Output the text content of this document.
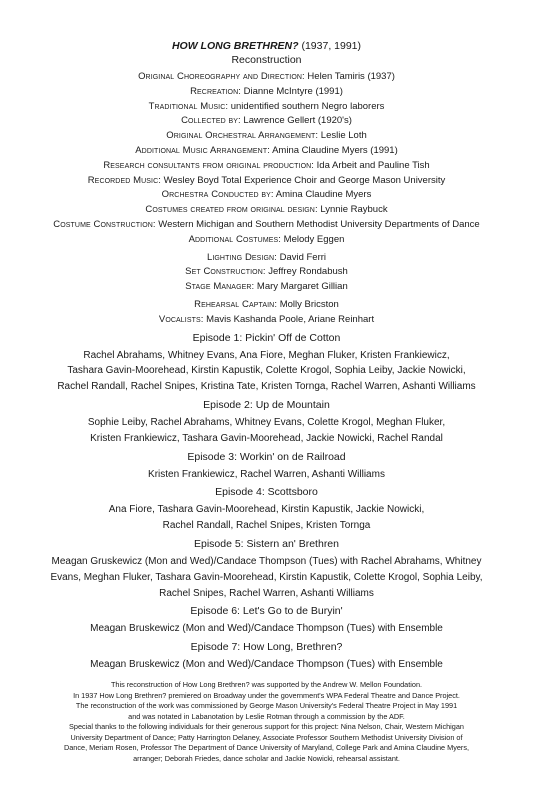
HOW LONG BRETHREN? (1937, 1991)

Reconstruction

Original Choreography and Direction: Helen Tamiris (1937)
Recreation: Dianne McIntyre (1991)
Traditional Music: unidentified southern Negro laborers
Collected by: Lawrence Gellert (1920's)
Original Orchestral Arrangement: Leslie Loth
Additional Music Arrangement: Amina Claudine Myers (1991)
Research consultants from original production: Ida Arbeit and Pauline Tish
Recorded Music: Wesley Boyd Total Experience Choir and George Mason University
Orchestra Conducted by: Amina Claudine Myers
Costumes created from original design: Lynnie Raybuck
Costume Construction: Western Michigan and Southern Methodist University Departments of Dance
Additional Costumes: Melody Eggen
Lighting Design: David Ferri
Set Construction: Jeffrey Rondabush
Stage Manager: Mary Margaret Gillian
Rehearsal Captain: Molly Bricston
Vocalists: Mavis Kashanda Poole, Ariane Reinhart

Episode 1: Pickin' Off de Cotton

Rachel Abrahams, Whitney Evans, Ana Fiore, Meghan Fluker, Kristen Frankiewicz,

Tashara Gavin-Moorehead, Kirstin Kapustik, Colette Krogol, Sophia Leiby, Jackie Nowicki,

Rachel Randall, Rachel Snipes, Kristina Tate, Kristen Tornga, Rachel Warren, Ashanti Williams

Episode 2: Up de Mountain

Sophie Leiby, Rachel Abrahams, Whitney Evans, Colette Krogol, Meghan Fluker,

Kristen Frankiewicz, Tashara Gavin-Moorehead, Jackie Nowicki, Rachel Randal

Episode 3: Workin' on de Railroad

Kristen Frankiewicz, Rachel Warren, Ashanti Williams

Episode 4: Scottsboro

Ana Fiore, Tashara Gavin-Moorehead, Kirstin Kapustik, Jackie Nowicki,

Rachel Randall, Rachel Snipes, Kristen Tornga

Episode 5: Sistern an' Brethren

Meagan Gruskewicz (Mon and Wed)/Candace Thompson (Tues) with Rachel Abrahams, Whitney

Evans, Meghan Fluker, Tashara Gavin-Moorehead, Kirstin Kapustik, Colette Krogol, Sophia Leiby,

Rachel Snipes, Rachel Warren, Ashanti Williams

Episode 6: Let's Go to de Buryin'

Meagan Bruskewicz (Mon and Wed)/Candace Thompson (Tues) with Ensemble

Episode 7: How Long, Brethren?

Meagan Bruskewicz (Mon and Wed)/Candace Thompson (Tues) with Ensemble

This reconstruction of How Long Brethren? was supported by the Andrew W. Mellon Foundation.

In 1937 How Long Brethren? premiered on Broadway under the government's WPA Federal Theatre and Dance Project.

The reconstruction of the work was commissioned by George Mason University's Federal Theatre Project in May 1991

and was notated in Labanotation by Leslie Rotman through a commission by the ADF.

Special thanks to the following individuals for their generous support for this project: Nina Nelson, Chair, Western Michigan

University Department of Dance; Patty Harrington Delaney, Associate Professor Southern Methodist University Division of

Dance, Meriam Rosen, Professor The Department of Dance University of Maryland, College Park and Amina Claudine Myers,

arranger; Deborah Friedes, dance scholar and Jackie Nowicki, rehearsal assistant.
